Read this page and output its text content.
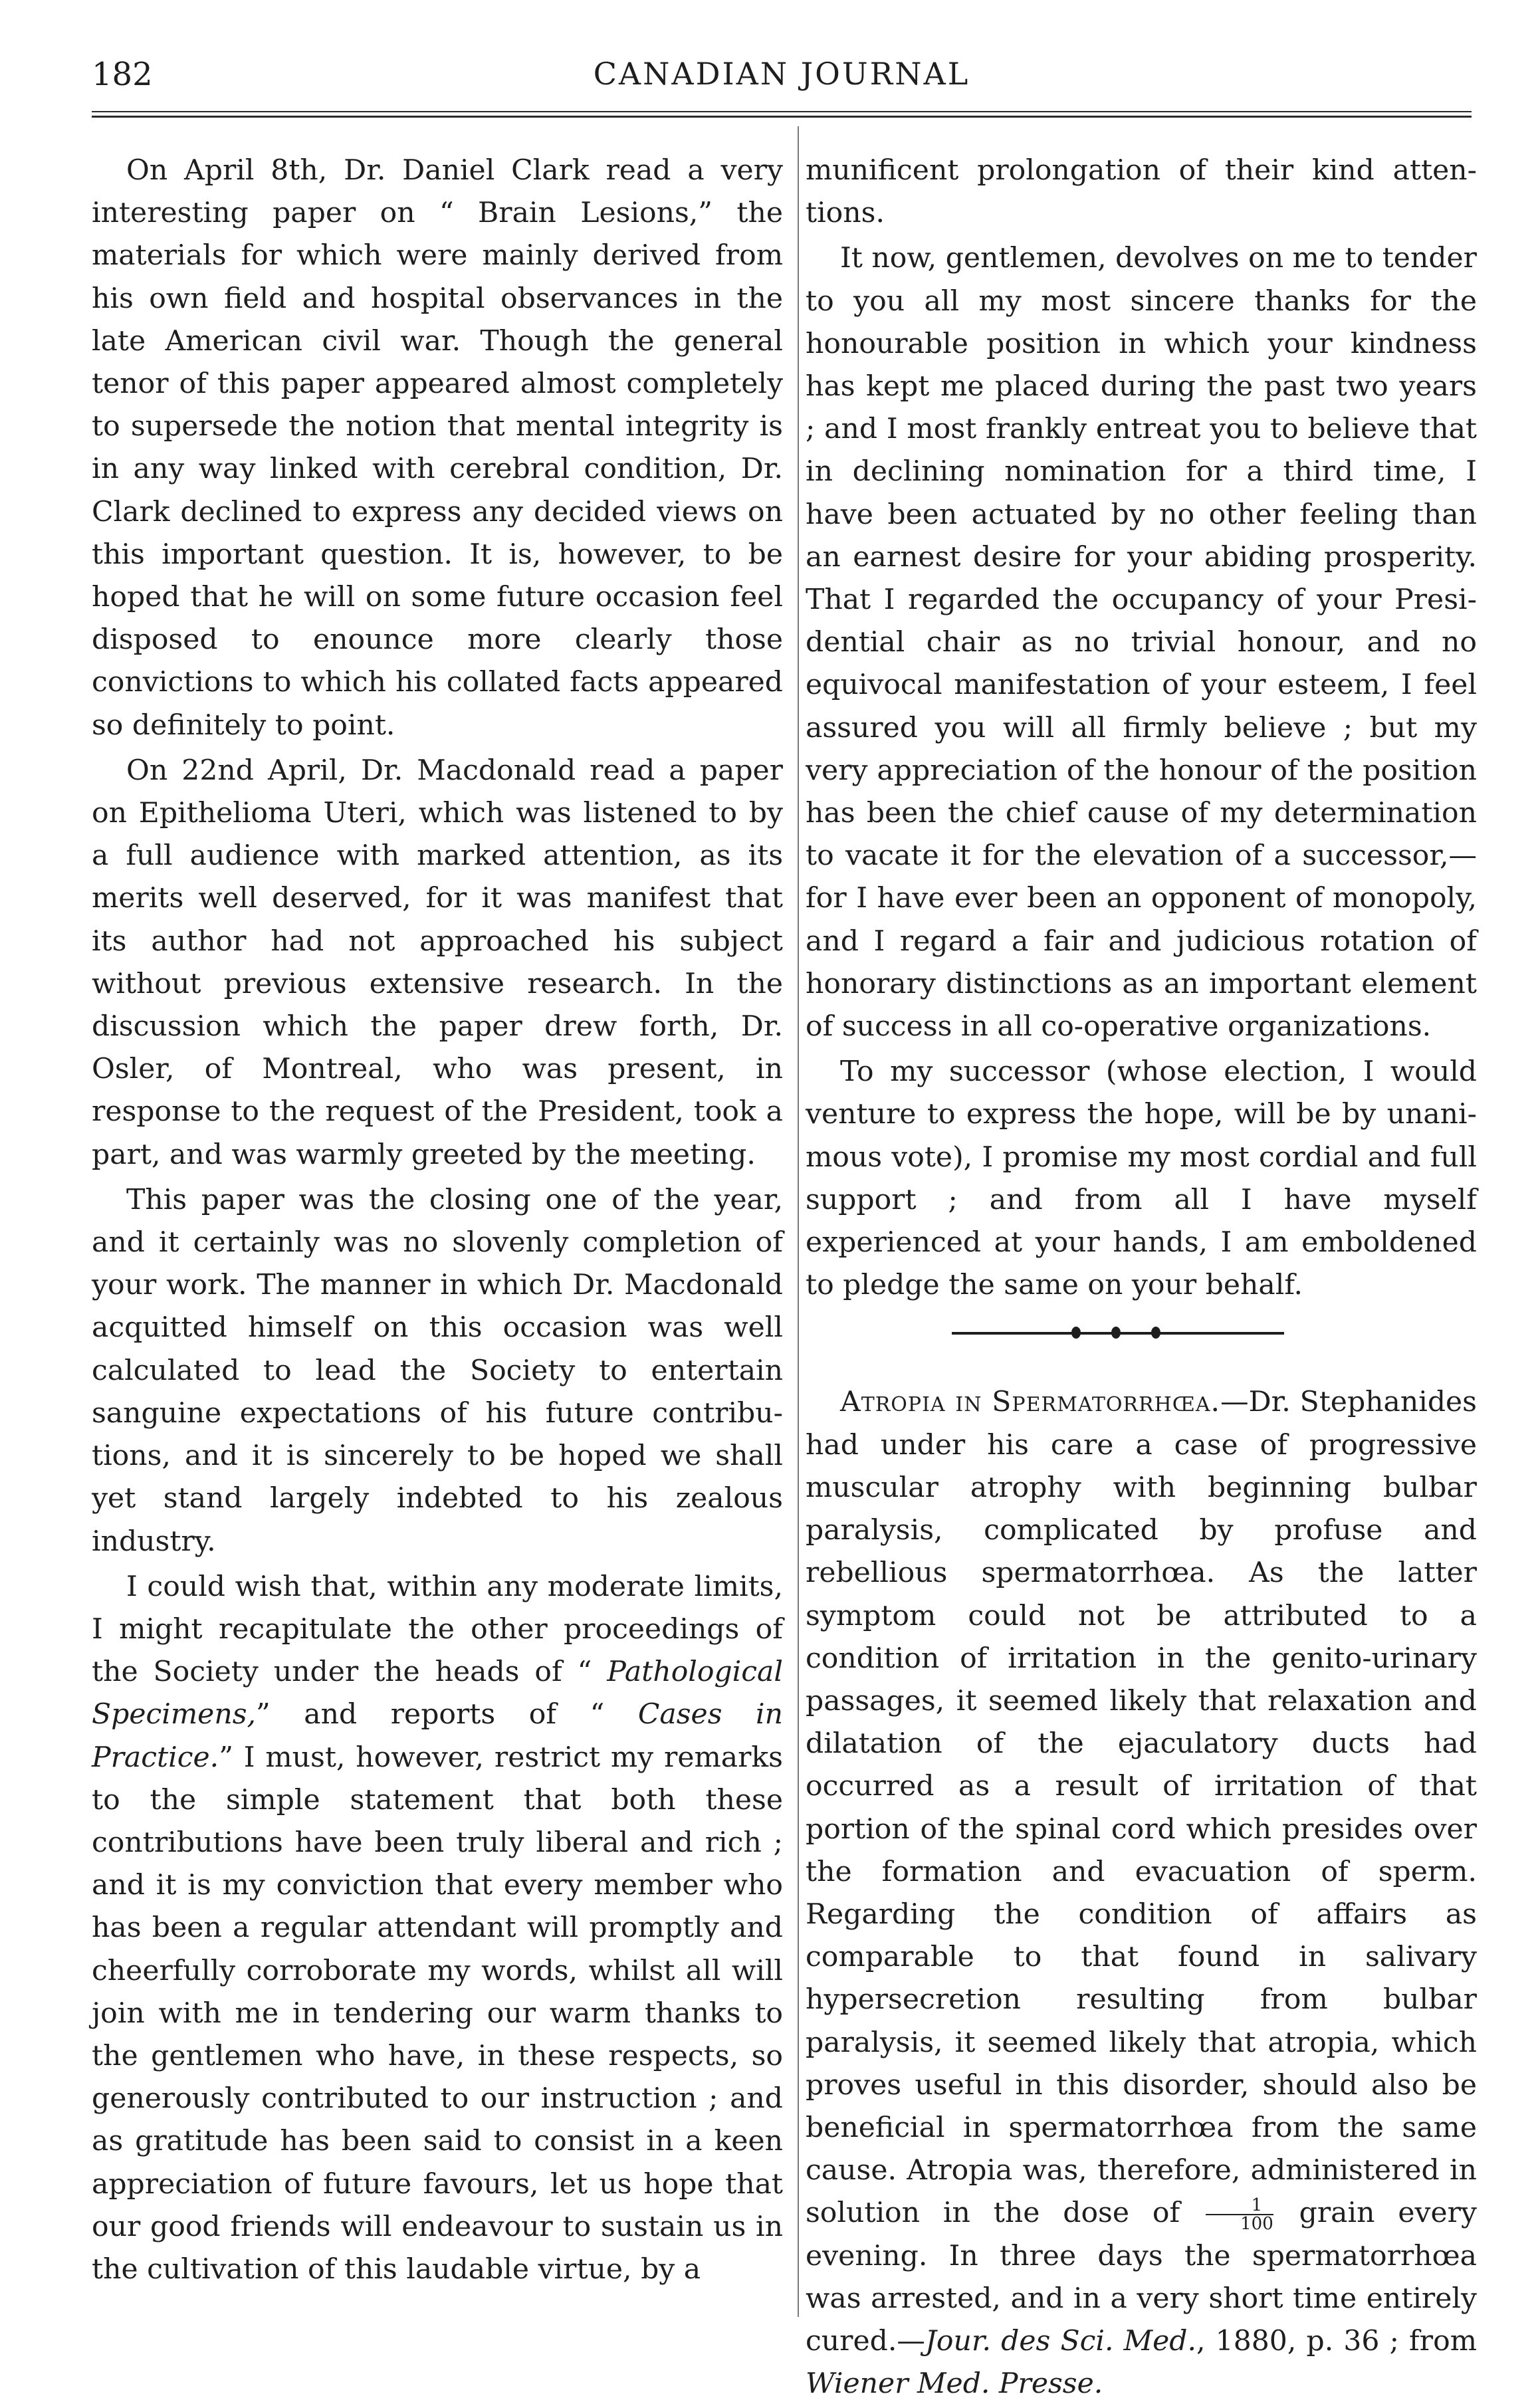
182	CANADIAN JOURNAL

On April 8th, Dr. Daniel Clark read a very interesting paper on “ Brain Lesions,” the materials for which were mainly derived from his own field and hospital observances in the late American civil war. Though the general tenor of this paper appeared almost completely to supersede the notion that mental integrity is in any way linked with cerebral condition, Dr. Clark declined to express any decided views on this important question. It is, however, to be hoped that he will on some future occasion feel disposed to enounce more clearly those convictions to which his collated facts appeared so definitely to point.

On 22nd April, Dr. Macdonald read a paper on Epithelioma Uteri, which was listened to by a full audience with marked attention, as its merits well deserved, for it was manifest that its author had not approached his subject without previous extensive research. In the discussion which the paper drew forth, Dr. Osler, of Montreal, who was present, in response to the request of the President, took a part, and was warmly greeted by the meeting.

This paper was the closing one of the year, and it certainly was no slovenly completion of your work. The manner in which Dr. Macdonald acquitted himself on this occasion was well calculated to lead the Society to entertain sanguine expectations of his future contributions, and it is sincerely to be hoped we shall yet stand largely indebted to his zealous industry.

I could wish that, within any moderate limits, I might recapitulate the other proceedings of the Society under the heads of “ Pathological Specimens,” and reports of “ Cases in Practice.” I must, however, restrict my remarks to the simple statement that both these contributions have been truly liberal and rich ; and it is my conviction that every member who has been a regular attendant will promptly and cheerfully corroborate my words, whilst all will join with me in tendering our warm thanks to the gentlemen who have, in these respects, so generously contributed to our instruction ; and as gratitude has been said to consist in a keen appreciation of future favours, let us hope that our good friends will endeavour to sustain us in the cultivation of this laudable virtue, by a

munificent prolongation of their kind attentions.

It now, gentlemen, devolves on me to tender to you all my most sincere thanks for the honourable position in which your kindness has kept me placed during the past two years ; and I most frankly entreat you to believe that in declining nomination for a third time, I have been actuated by no other feeling than an earnest desire for your abiding prosperity. That I regarded the occupancy of your Presidential chair as no trivial honour, and no equivocal manifestation of your esteem, I feel assured you will all firmly believe ; but my very appreciation of the honour of the position has been the chief cause of my determination to vacate it for the elevation of a successor,—for I have ever been an opponent of monopoly, and I regard a fair and judicious rotation of honorary distinctions as an important element of success in all co-operative organizations.

To my successor (whose election, I would venture to express the hope, will be by unanimous vote), I promise my most cordial and full support ; and from all I have myself experienced at your hands, I am emboldened to pledge the same on your behalf.

Atropia in Spermatorrhœa.—Dr. Stephanides had under his care a case of progressive muscular atrophy with beginning bulbar paralysis, complicated by profuse and rebellious spermatorrhœa. As the latter symptom could not be attributed to a condition of irritation in the genito-urinary passages, it seemed likely that relaxation and dilatation of the ejaculatory ducts had occurred as a result of irritation of that portion of the spinal cord which presides over the formation and evacuation of sperm. Regarding the condition of affairs as comparable to that found in salivary hypersecretion resulting from bulbar paralysis, it seemed likely that atropia, which proves useful in this disorder, should also be beneficial in spermatorrhœa from the same cause. Atropia was, therefore, administered in solution in the dose of $\frac{1}{100}$ grain every evening. In three days the spermatorrhœa was arrested, and in a very short time entirely cured.—Jour. des Sci. Med., 1880, p. 36 ; from Wiener Med. Presse.
